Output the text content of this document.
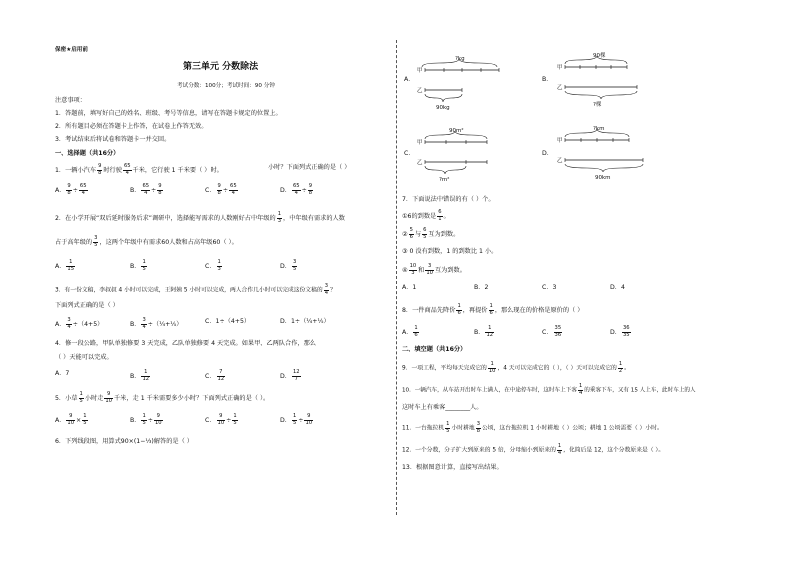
保密★启用前
第三单元 分数除法
考试分数：100分；考试时间：90 分钟
注意事项：
1．答题前，填写好自己的姓名、班级、考号等信息，请写在答题卡规定的位置上。
2．所有题目必须在答题卡上作答，在试卷上作答无效。
3．考试结束后将试卷和答题卡一并交回。
一、选择题（共16分）
1．一辆小汽车 $\frac{9}{8}$ 时行驶 $\frac{65}{4}$ 千米，它行驶 1 千米要（ ）时。	小时？下面列式正确的是（ ）
A． $\frac{9}{8} \div \frac{65}{4}$	B． $\frac{65}{4} \div \frac{9}{8}$	C． $\frac{9}{8} \div \frac{65}{4}$	D． $\frac{65}{4} \div \frac{9}{8}$
2．在小学开展“双后延时服务后求”调研中，选择能写需求的人数刚好占中年级的 $\frac{1}{3}$ ，中年级有需求的人数
占于高年级的 $\frac{3}{5}$ ，这两个年级中有需求60人数和占高年级60（ ）。
A． $\frac{1}{15}$	B． $\frac{1}{5}$	C． $\frac{1}{3}$	D． $\frac{3}{5}$
3．有一份文稿，李叔叔 4 小时可以完成，王阿姨 5 小时可以完成，两人合作几小时可以完成这份文稿的 $\frac{3}{4}$ ？
下面列式正确的是（ ）
A． $\frac{3}{4} \div(4+5)$	B． $\frac{3}{4}$ ÷（¼+⅕）	C．1÷（4+5）	D．1÷（¼+⅕）
4．修一段公路，甲队单独修要 3 天完成，乙队单独修要 4 天完成。如果甲、乙两队合作，那么
（ ）天能可以完成。
A．7	B． $\frac{1}{12}$	C． $\frac{7}{12}$	D． $\frac{12}{7}$
5．小草 $\frac{1}{5}$ 小时走 $\frac{9}{10}$ 千米，走 1 千米需要多少小时？下面列式正确的是（ ）。
A． $\frac{9}{10} \times \frac{1}{5}$	B． $\frac{1}{5} \div \frac{9}{10}$	C． $\frac{9}{10} \div \frac{1}{5}$	D． $\frac{1}{5} \div \frac{9}{10}$
6．下列线段图，用算式90×(1−⅓)解答的是（ ）
A．
?kg
甲
乙
90kg
B．
90棵
甲
乙
?棵
C．
90m²
甲
乙
?m²
D．
?km
甲
乙
90km
7．下面说法中错误的有（ ）个。
①6的到数是 $\frac{6}{1}$ 。
② $\frac{5}{6}$ 与 $\frac{6}{5}$ 互为到数。
③ 0 没有到数，1 的到数比 1 小。
④ $\frac{10}{3}$ 和 $\frac{3}{10}$ 互为到数。
A．1	B．2	C．3	D．4
8．一件商品先降价 $\frac{1}{6}$ ，再提价 $\frac{1}{6}$ ，那么现在的价格是原价的（ ）
A． $\frac{1}{6}$	B． $\frac{1}{12}$	C． $\frac{35}{36}$	D． $\frac{36}{35}$
二、填空题（共16分）
9．一项工程，平均每天完成它的 $\frac{1}{10}$ ，4 天可以完成它的（ ），（ ）天可以完成它的 $\frac{1}{2}$ 。
10．一辆汽车，从车站开出时车上满人，在中途停车时，这时车上下客 $\frac{1}{4}$ 的乘客下车，又有 15 人上车，此时车上的人
这时车上有乘客________人。
11．一台拖拉机 $\frac{1}{5}$ 小时耕地 $\frac{3}{8}$ 公顷，这台拖拉机 1 小时耕地（ ）公顷；耕地 1 公顷需要（ ）小时。
12．一个分数，分子扩大到原来的 5 倍，分母缩小到原来的 $\frac{1}{4}$ ，化简后是 12，这个分数原来是（ ）。
13．根据图意计算，直接写出结果。
